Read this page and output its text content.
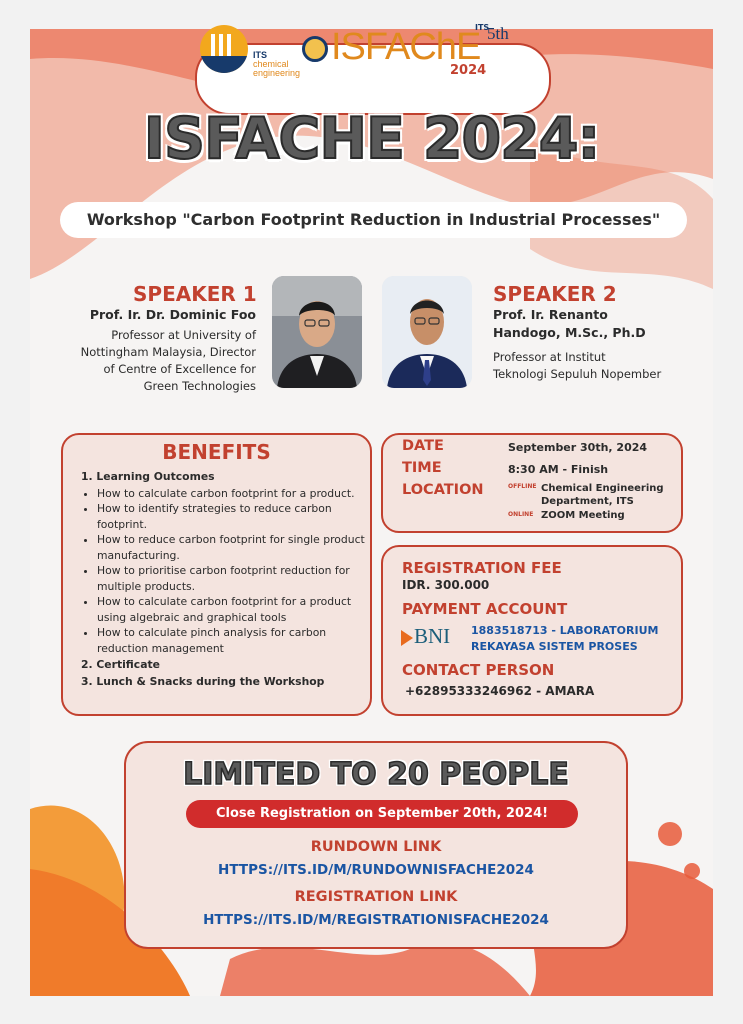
ITS
chemical
engineering
ISFAChE
ITS
5th
2024
ISFACHE 2024:
Workshop "Carbon Footprint Reduction in Industrial Processes"
SPEAKER 1
Prof. Ir. Dr. Dominic Foo
Professor at University of
Nottingham Malaysia, Director
of Centre of Excellence for
Green Technologies
SPEAKER 2
Prof. Ir. Renanto
Handogo, M.Sc., Ph.D
Professor at Institut
Teknologi Sepuluh Nopember
BENEFITS
1. Learning Outcomes
• How to calculate carbon footprint for a product.
• How to identify strategies to reduce carbon footprint.
• How to reduce carbon footprint for single product manufacturing.
• How to prioritise carbon footprint reduction for multiple products.
• How to calculate carbon footprint for a product using algebraic and graphical tools
• How to calculate pinch analysis for carbon reduction management
2. Certificate
3. Lunch & Snacks during the Workshop
DATE	September 30th, 2024
TIME	8:30 AM - Finish
LOCATION	OFFLINE Chemical Engineering
Department, ITS
ONLINE ZOOM Meeting
REGISTRATION FEE
IDR. 300.000
PAYMENT ACCOUNT
BNI 1883518713 - LABORATORIUM
REKAYASA SISTEM PROSES
CONTACT PERSON
+62895333246962 - AMARA
LIMITED TO 20 PEOPLE
Close Registration on September 20th, 2024!
RUNDOWN LINK
HTTPS://ITS.ID/M/RUNDOWNISFACHE2024
REGISTRATION LINK
HTTPS://ITS.ID/M/REGISTRATIONISFACHE2024
